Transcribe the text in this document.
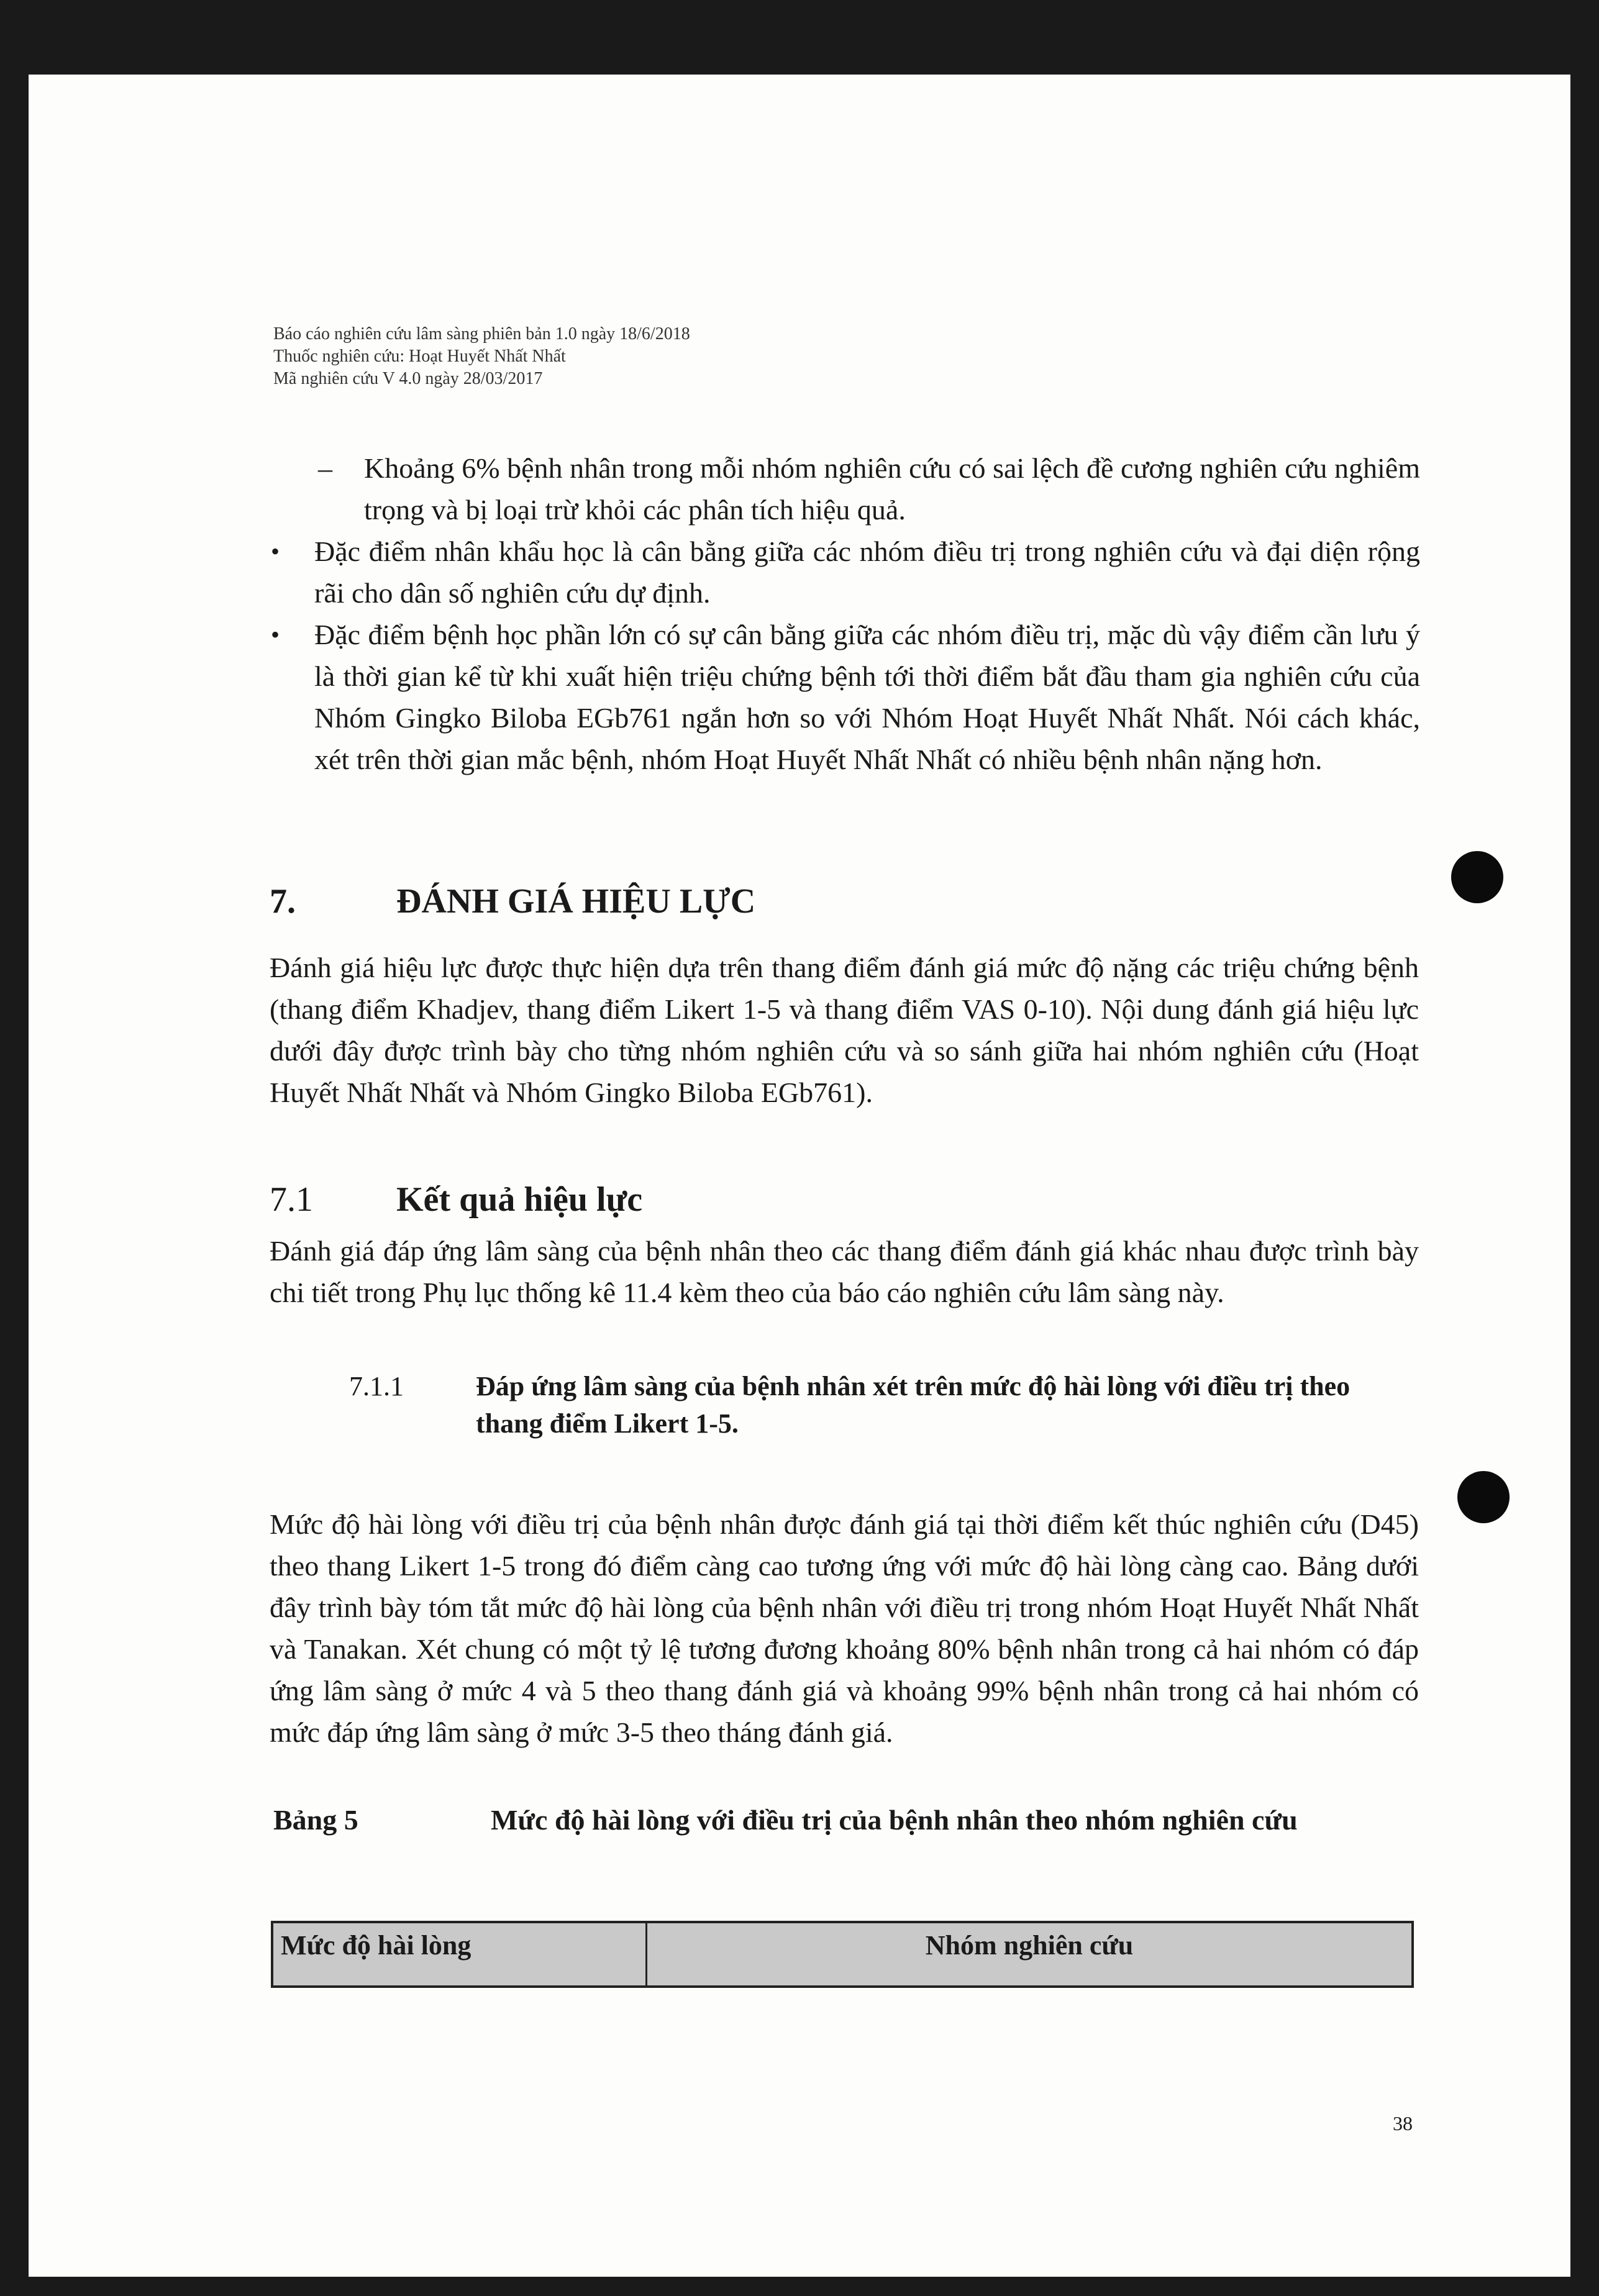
Báo cáo nghiên cứu lâm sàng phiên bản 1.0 ngày 18/6/2018
Thuốc nghiên cứu: Hoạt Huyết Nhất Nhất
Mã nghiên cứu V 4.0 ngày 28/03/2017
– Khoảng 6% bệnh nhân trong mỗi nhóm nghiên cứu có sai lệch đề cương nghiên cứu nghiêm trọng và bị loại trừ khỏi các phân tích hiệu quả.
• Đặc điểm nhân khẩu học là cân bằng giữa các nhóm điều trị trong nghiên cứu và đại diện rộng rãi cho dân số nghiên cứu dự định.
• Đặc điểm bệnh học phần lớn có sự cân bằng giữa các nhóm điều trị, mặc dù vậy điểm cần lưu ý là thời gian kể từ khi xuất hiện triệu chứng bệnh tới thời điểm bắt đầu tham gia nghiên cứu của Nhóm Gingko Biloba EGb761 ngắn hơn so với Nhóm Hoạt Huyết Nhất Nhất. Nói cách khác, xét trên thời gian mắc bệnh, nhóm Hoạt Huyết Nhất Nhất có nhiều bệnh nhân nặng hơn.
7.	ĐÁNH GIÁ HIỆU LỰC
Đánh giá hiệu lực được thực hiện dựa trên thang điểm đánh giá mức độ nặng các triệu chứng bệnh (thang điểm Khadjev, thang điểm Likert 1-5 và thang điểm VAS 0-10). Nội dung đánh giá hiệu lực dưới đây được trình bày cho từng nhóm nghiên cứu và so sánh giữa hai nhóm nghiên cứu (Hoạt Huyết Nhất Nhất và Nhóm Gingko Biloba EGb761).
7.1 Kết quả hiệu lực
Đánh giá đáp ứng lâm sàng của bệnh nhân theo các thang điểm đánh giá khác nhau được trình bày chi tiết trong Phụ lục thống kê 11.4 kèm theo của báo cáo nghiên cứu lâm sàng này.
7.1.1	Đáp ứng lâm sàng của bệnh nhân xét trên mức độ hài lòng với điều trị theo thang điểm Likert 1-5.
Mức độ hài lòng với điều trị của bệnh nhân được đánh giá tại thời điểm kết thúc nghiên cứu (D45) theo thang Likert 1-5 trong đó điểm càng cao tương ứng với mức độ hài lòng càng cao. Bảng dưới đây trình bày tóm tắt mức độ hài lòng của bệnh nhân với điều trị trong nhóm Hoạt Huyết Nhất Nhất và Tanakan. Xét chung có một tỷ lệ tương đương khoảng 80% bệnh nhân trong cả hai nhóm có đáp ứng lâm sàng ở mức 4 và 5 theo thang đánh giá và khoảng 99% bệnh nhân trong cả hai nhóm có mức đáp ứng lâm sàng ở mức 3-5 theo tháng đánh giá.
Bảng 5	Mức độ hài lòng với điều trị của bệnh nhân theo nhóm nghiên cứu
Mức độ hài lòng	Nhóm nghiên cứu
38
